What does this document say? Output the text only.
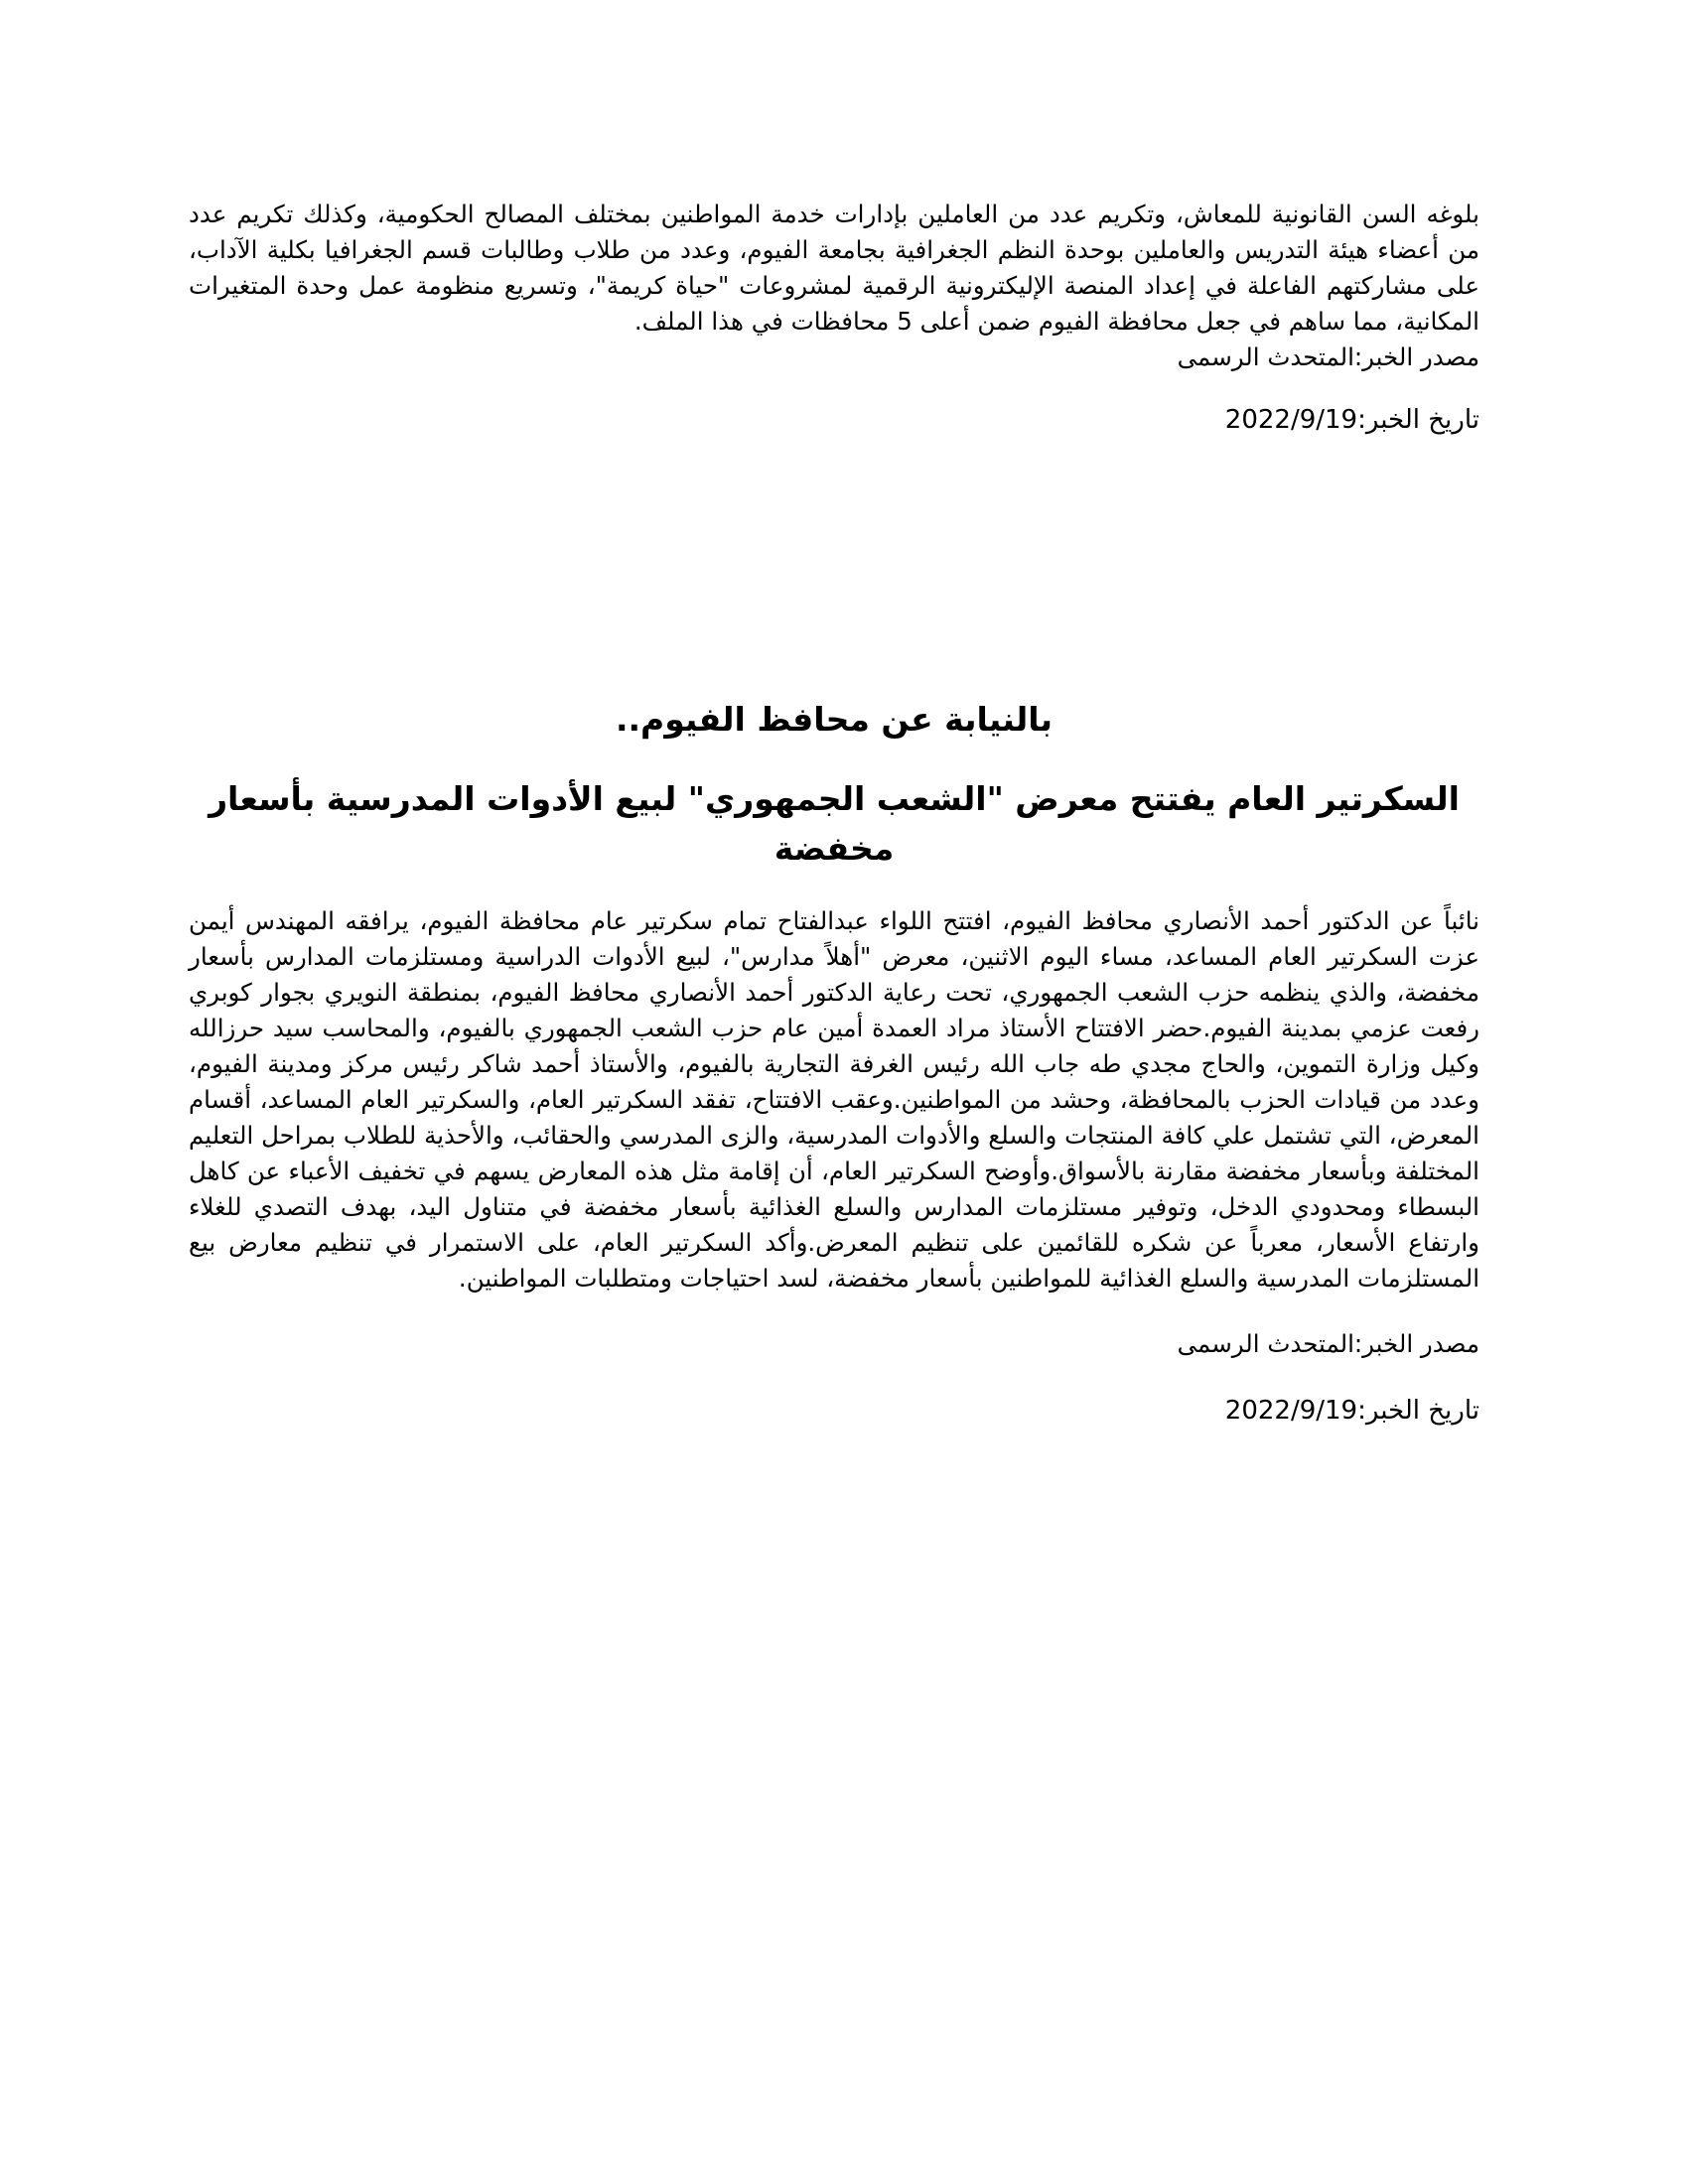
بلوغه السن القانونية للمعاش، وتكريم عدد من العاملين بإدارات خدمة المواطنين بمختلف المصالح الحكومية، وكذلك تكريم عدد من أعضاء هيئة التدريس والعاملين بوحدة النظم الجغرافية بجامعة الفيوم، وعدد من طلاب وطالبات قسم الجغرافيا بكلية الآداب، على مشاركتهم الفاعلة في إعداد المنصة الإليكترونية الرقمية لمشروعات "حياة كريمة"، وتسريع منظومة عمل وحدة المتغيرات المكانية، مما ساهم في جعل محافظة الفيوم ضمن أعلى 5 محافظات في هذا الملف.

مصدر الخبر:المتحدث الرسمى

تاريخ الخبر:2022/9/19

بالنيابة عن محافظ الفيوم..
السكرتير العام يفتتح معرض "الشعب الجمهوري" لبيع الأدوات المدرسية بأسعار مخفضة

نائباً عن الدكتور أحمد الأنصاري محافظ الفيوم، افتتح اللواء عبدالفتاح تمام سكرتير عام محافظة الفيوم، يرافقه المهندس أيمن عزت السكرتير العام المساعد، مساء اليوم الاثنين، معرض "أهلاً مدارس"، لبيع الأدوات الدراسية ومستلزمات المدارس بأسعار مخفضة، والذي ينظمه حزب الشعب الجمهوري، تحت رعاية الدكتور أحمد الأنصاري محافظ الفيوم، بمنطقة النويري بجوار كوبري رفعت عزمي بمدينة الفيوم.حضر الافتتاح الأستاذ مراد العمدة أمين عام حزب الشعب الجمهوري بالفيوم، والمحاسب سيد حرزالله وكيل وزارة التموين، والحاج مجدي طه جاب الله رئيس الغرفة التجارية بالفيوم، والأستاذ أحمد شاكر رئيس مركز ومدينة الفيوم، وعدد من قيادات الحزب بالمحافظة، وحشد من المواطنين.وعقب الافتتاح، تفقد السكرتير العام، والسكرتير العام المساعد، أقسام المعرض، التي تشتمل علي كافة المنتجات والسلع والأدوات المدرسية، والزى المدرسي والحقائب، والأحذية للطلاب بمراحل التعليم المختلفة وبأسعار مخفضة مقارنة بالأسواق.وأوضح السكرتير العام، أن إقامة مثل هذه المعارض يسهم في تخفيف الأعباء عن كاهل البسطاء ومحدودي الدخل، وتوفير مستلزمات المدارس والسلع الغذائية بأسعار مخفضة في متناول اليد، بهدف التصدي للغلاء وارتفاع الأسعار، معرباً عن شكره للقائمين على تنظيم المعرض.وأكد السكرتير العام، على الاستمرار في تنظيم معارض بيع المستلزمات المدرسية والسلع الغذائية للمواطنين بأسعار مخفضة، لسد احتياجات ومتطلبات المواطنين.

مصدر الخبر:المتحدث الرسمى

تاريخ الخبر:2022/9/19
